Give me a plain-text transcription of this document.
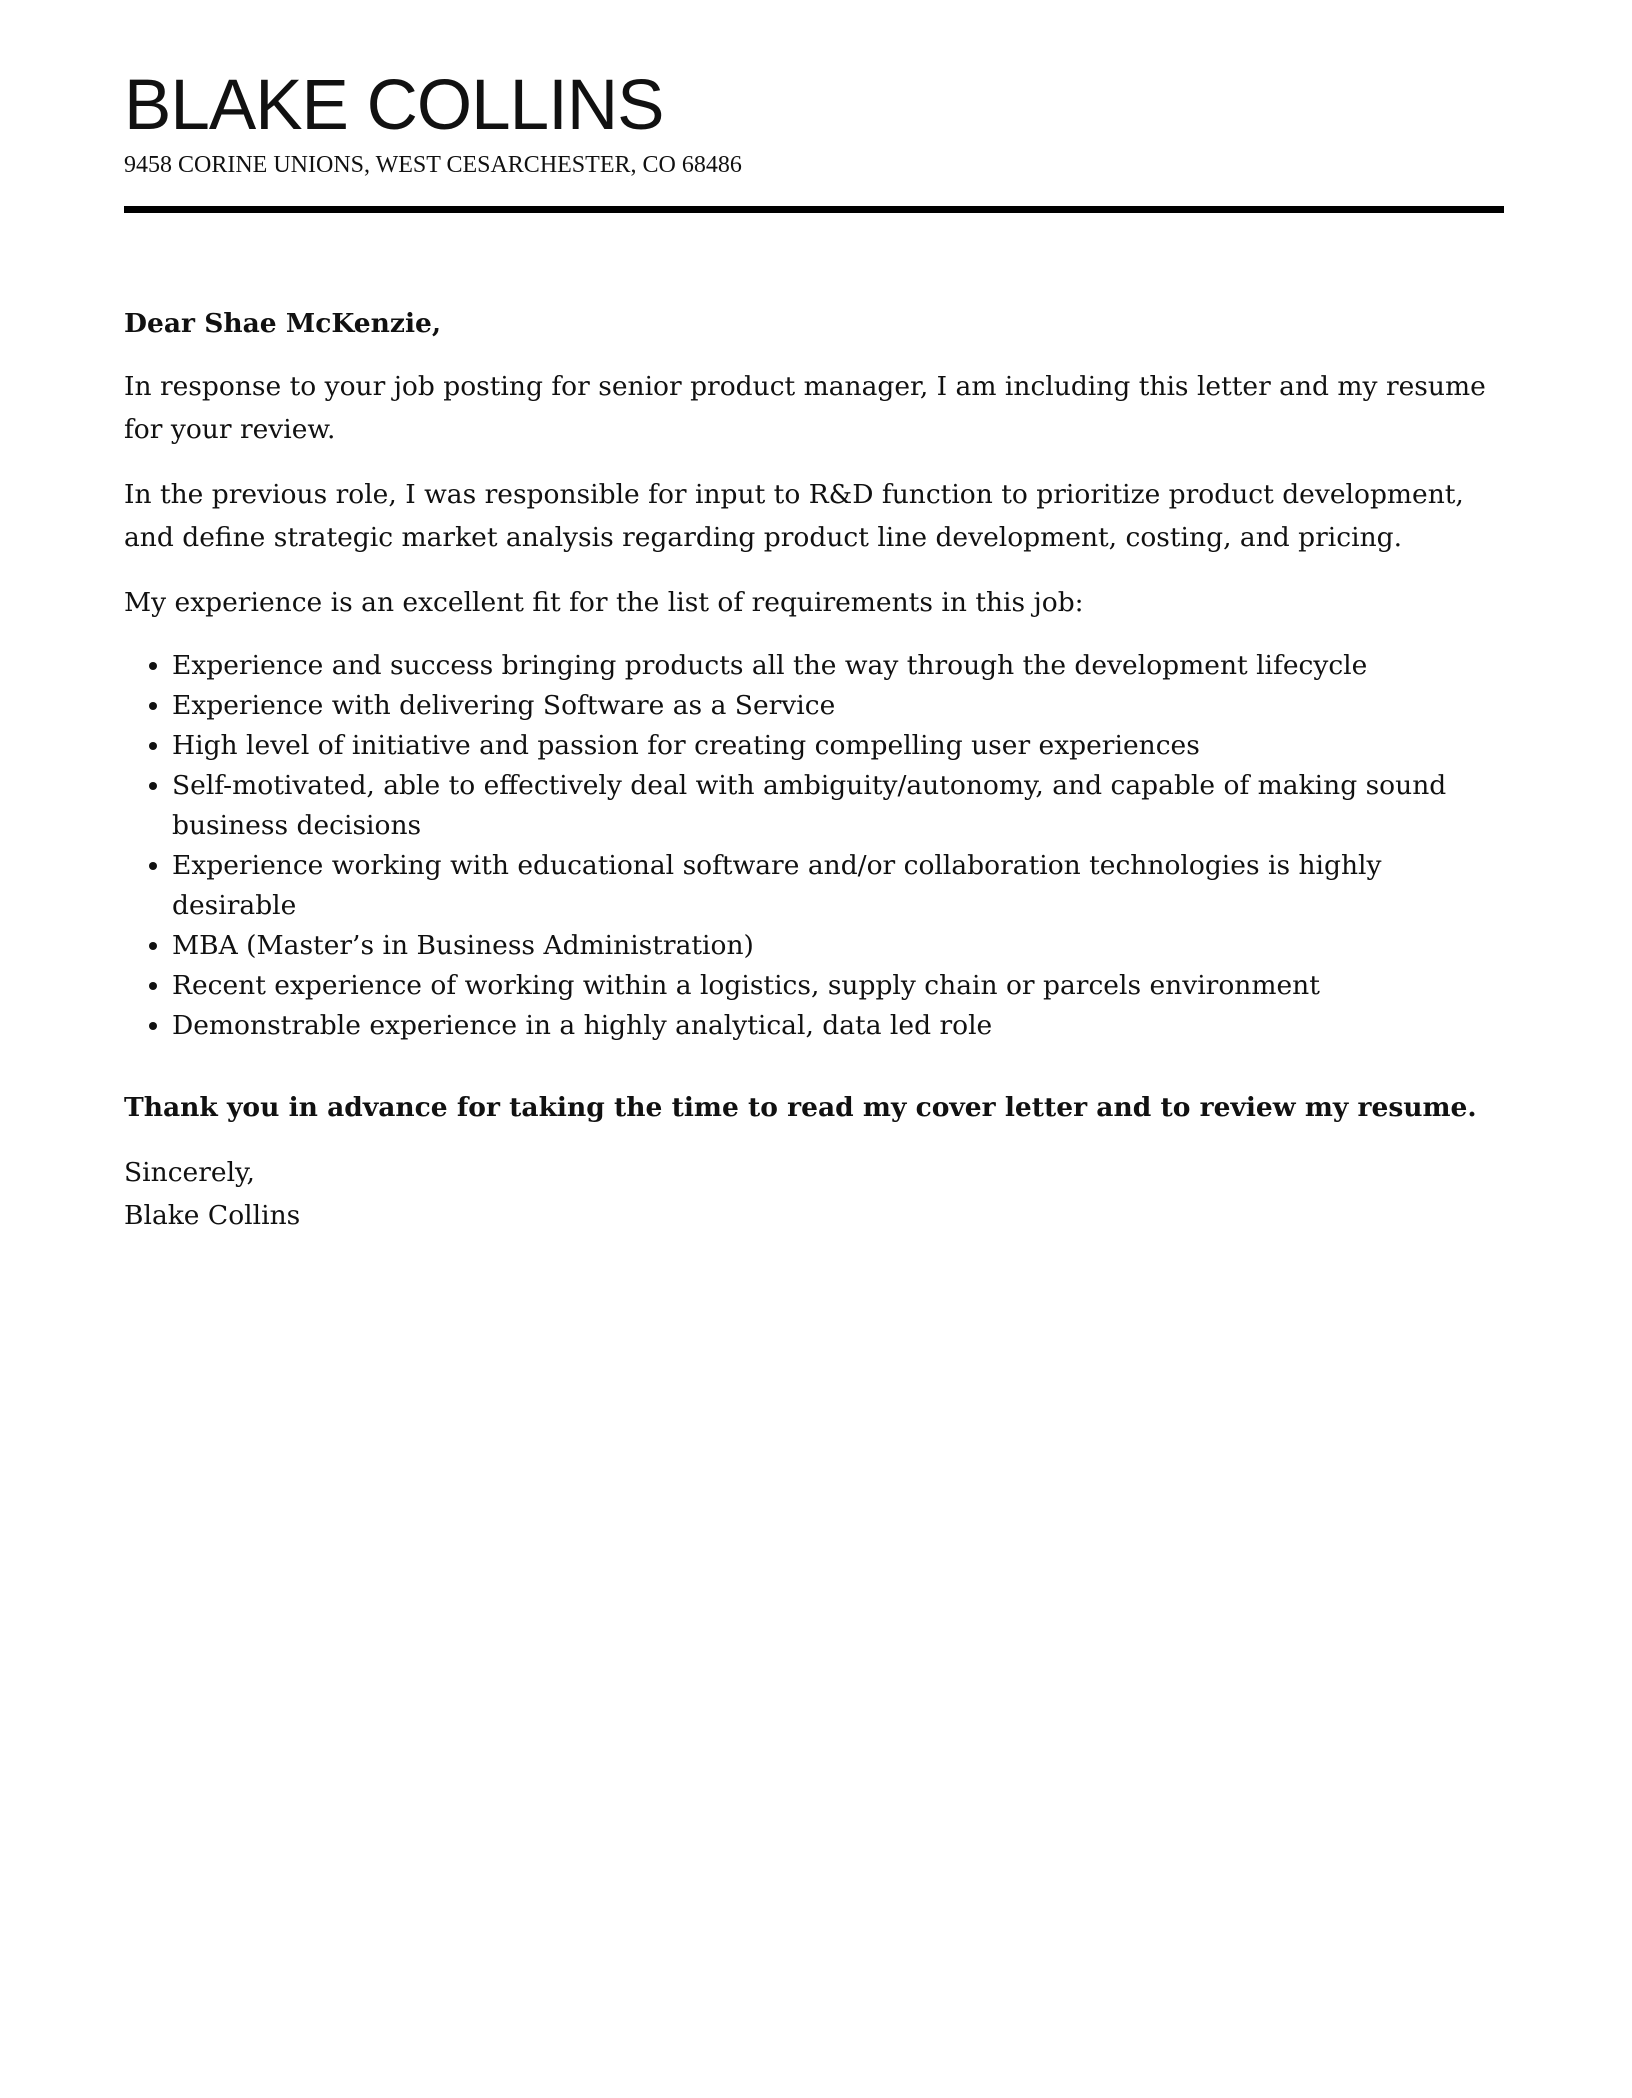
BLAKE COLLINS
9458 CORINE UNIONS, WEST CESARCHESTER, CO 68486

Dear Shae McKenzie,

In response to your job posting for senior product manager, I am including this letter and my resume for your review.

In the previous role, I was responsible for input to R&D function to prioritize product development, and define strategic market analysis regarding product line development, costing, and pricing.

My experience is an excellent fit for the list of requirements in this job:

• Experience and success bringing products all the way through the development lifecycle
• Experience with delivering Software as a Service
• High level of initiative and passion for creating compelling user experiences
• Self-motivated, able to effectively deal with ambiguity/autonomy, and capable of making sound business decisions
• Experience working with educational software and/or collaboration technologies is highly desirable
• MBA (Master’s in Business Administration)
• Recent experience of working within a logistics, supply chain or parcels environment
• Demonstrable experience in a highly analytical, data led role

Thank you in advance for taking the time to read my cover letter and to review my resume.

Sincerely,
Blake Collins
